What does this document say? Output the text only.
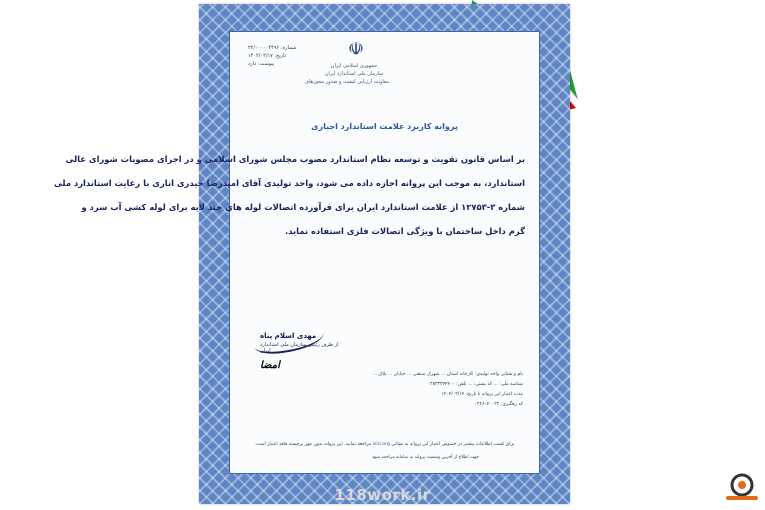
☫
جمهوری اسلامی ایران
سازمان ملی استاندارد ایران
معاونت ارزیابی کیفیت و صدور مجوزهای
شماره: ۲۲/۰۰۰۰۰۴۴۹۶
تاریخ: ۱۴۰۲/۰۲/۱۷
پیوست: دارد
پروانه کاربرد علامت استاندارد اجباری
بر اساس قانون تقویت و توسعه نظام استاندارد مصوب مجلس شورای اسلامی و در اجرای مصوبات شورای عالی
استاندارد، به موجب این پروانه اجازه داده می شود، واحد تولیدی آقای امیدرضا حیدری اناری با رعایت استاندارد ملی
شماره ۳-۱۲۷۵۳ از علامت استاندارد ایران برای فرآورده اتصالات لوله های چند لایه برای لوله کشی آب سرد و
گرم داخل ساختمان با ویژگی اتصالات فلزی استفاده نماید.
مهدی اسلام پناه
از طرف رئیس سازمان ملی استاندارد ایران
امضا
نام و نشانی واحد تولیدی: کارخانه استان ... شهرک صنعتی ... خیابان ... پلاک ...
شناسه ملی: ... کد پستی: ... تلفن: ۰۳۸۳۳۳۷۴۴۰۰
مدت اعتبار این پروانه تا تاریخ: ۱۴۰۴/۰۲/۱۷
کد رهگیری: ۰۲۲۶۰۴۰۰۲۲
برای کسب اطلاعات بیشتر در خصوص اعتبار این پروانه به نشانی isiri.org مراجعه نمایید. این پروانه بدون مهر برجسته فاقد اعتبار است.
جهت اطلاع از آخرین وضعیت پروانه به سامانه مراجعه شود
118work.ir
